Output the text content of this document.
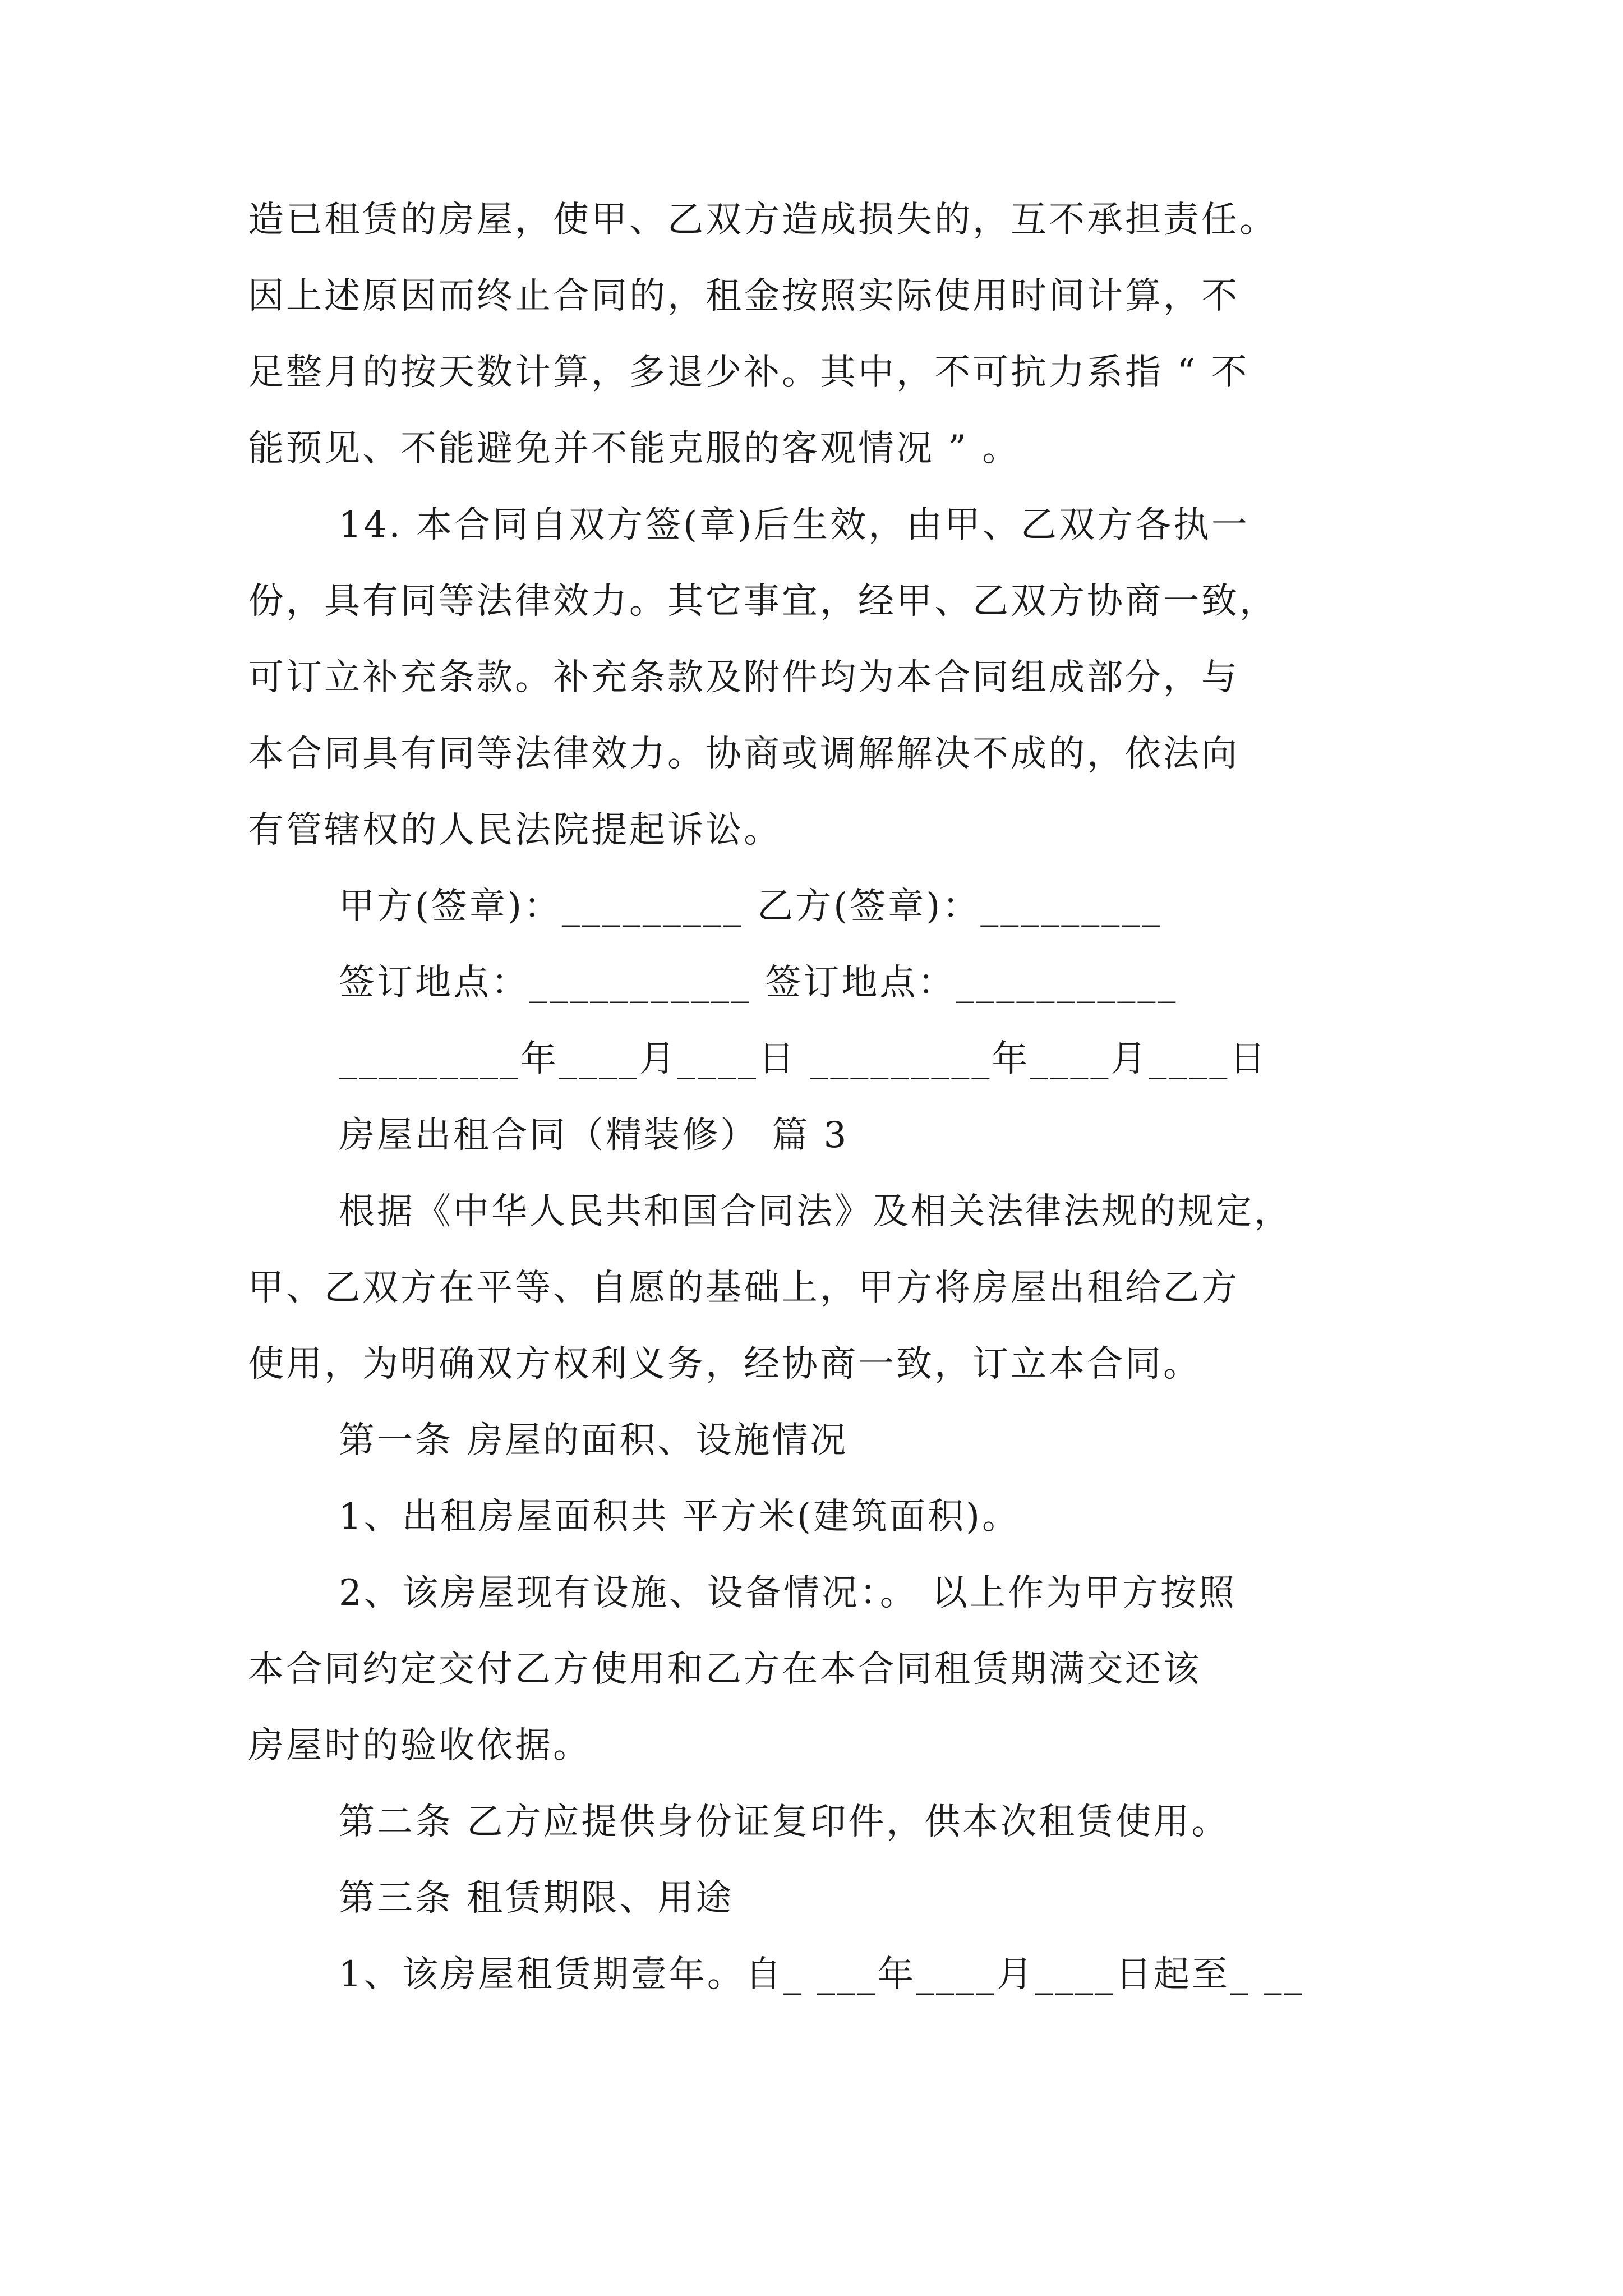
造已租赁的房屋，使甲、乙双方造成损失的，互不承担责任。
因上述原因而终止合同的，租金按照实际使用时间计算，不
足整月的按天数计算，多退少补。其中，不可抗力系指 “ 不
能预见、不能避免并不能克服的客观情况 ” 。
14. 本合同自双方签(章)后生效，由甲、乙双方各执一
份，具有同等法律效力。其它事宜，经甲、乙双方协商一致，
可订立补充条款。补充条款及附件均为本合同组成部分，与
本合同具有同等法律效力。协商或调解解决不成的，依法向
有管辖权的人民法院提起诉讼。
甲方(签章)：_________ 乙方(签章)：_________
签订地点：___________ 签订地点：___________
_________年____月____日 _________年____月____日
房屋出租合同（精装修） 篇 3
根据《中华人民共和国合同法》及相关法律法规的规定，
甲、乙双方在平等、自愿的基础上，甲方将房屋出租给乙方
使用，为明确双方权利义务，经协商一致，订立本合同。
第一条 房屋的面积、设施情况
1、出租房屋面积共 平方米(建筑面积)。
2、该房屋现有设施、设备情况：。 以上作为甲方按照
本合同约定交付乙方使用和乙方在本合同租赁期满交还该
房屋时的验收依据。
第二条 乙方应提供身份证复印件，供本次租赁使用。
第三条 租赁期限、用途
1、该房屋租赁期壹年。自_ ___年____月____日起至_ __
